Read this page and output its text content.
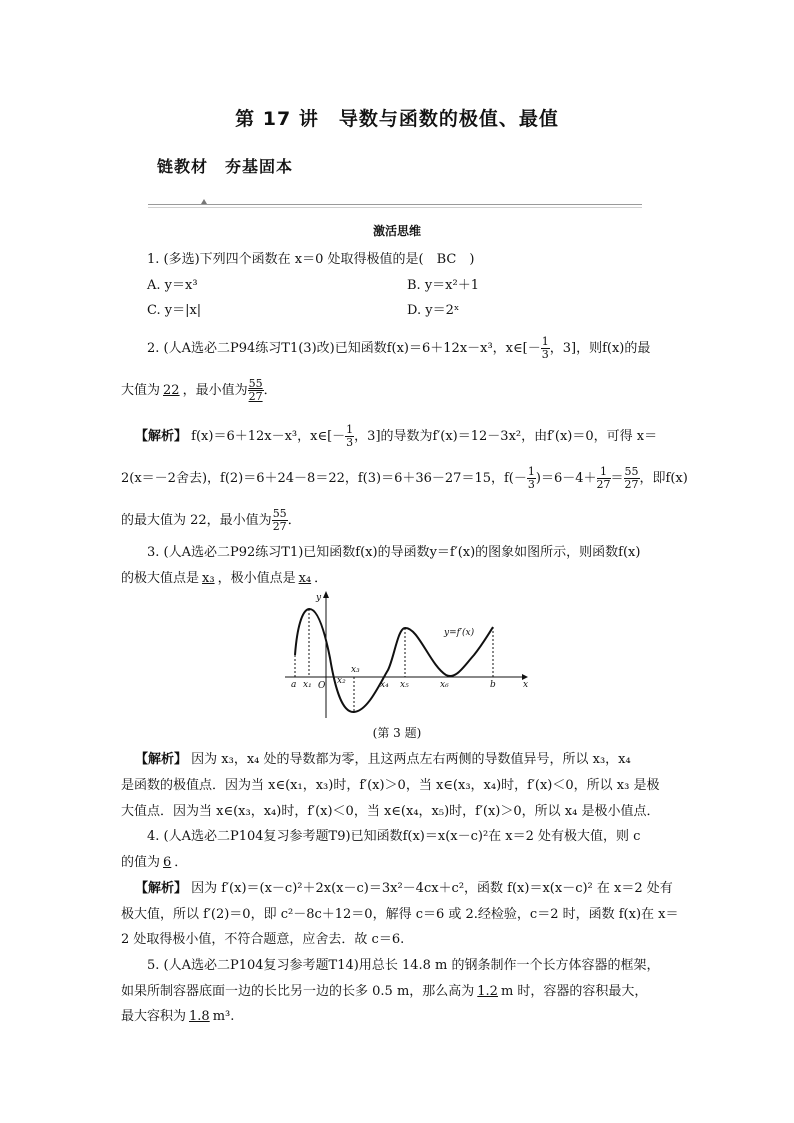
第 17 讲　导数与函数的极值、最值
链教材　夯基固本
激活思维
1. (多选)下列四个函数在 x＝0 处取得极值的是(　BC　)
A. y＝x³	B. y＝x²＋1
C. y＝|x|	D. y＝2ˣ
2. (人A选必二P94练习T1(3)改)已知函数f(x)＝6＋12x－x³，x∈[－ $\frac{1}{3}$ ，3]，则f(x)的最
大值为 22 ，最小值为 $\frac{55}{27}$ ．
【解析】 f(x)＝6＋12x－x³，x∈[－ $\frac{1}{3}$ ，3]的导数为f′(x)＝12－3x²，由f′(x)＝0，可得 x＝
2(x＝－2舍去)，f(2)＝6＋24－8＝22，f(3)＝6＋36－27＝15，$f(- \frac{1}{3} )=6-4+ \frac{1}{27} = \frac{55}{27}$ ，即f(x)
的最大值为 22，最小值为 $\frac{55}{27}$ ．
3. (人A选必二P92练习T1)已知函数f(x)的导函数y＝f′(x)的图象如图所示，则函数f(x)
的极大值点是 x₃ ，极小值点是 x₄ ．
y=f′(x)
a x₁ O x₂
x₃
x₄ x₅	x₆	b	x
y
(第 3 题)
【解析】 因为 x₃，x₄ 处的导数都为零，且这两点左右两侧的导数值异号，所以 x₃，x₄
是函数的极值点．因为当 x∈(x₁，x₃)时，f′(x)＞0，当 x∈(x₃，x₄)时，f′(x)＜0，所以 x₃ 是极
大值点．因为当 x∈(x₃，x₄)时，f′(x)＜0，当 x∈(x₄，x₅)时，f′(x)＞0，所以 x₄ 是极小值点．
4. (人A选必二P104复习参考题T9)已知函数f(x)＝x(x－c)²在 x＝2 处有极大值，则 c
的值为 6 ．
【解析】 因为 f′(x)＝(x－c)²＋2x(x－c)＝3x²－4cx＋c²，函数 f(x)＝x(x－c)² 在 x＝2 处有
极大值，所以 f′(2)＝0，即 c²－8c＋12＝0，解得 c＝6 或 2.经检验，c＝2 时，函数 f(x)在 x＝
2 处取得极小值，不符合题意，应舍去．故 c＝6.
5. (人A选必二P104复习参考题T14)用总长 14.8 m 的钢条制作一个长方体容器的框架，
如果所制容器底面一边的长比另一边的长多 0.5 m，那么高为 1.2 m 时，容器的容积最大，
最大容积为 1.8 m³.
